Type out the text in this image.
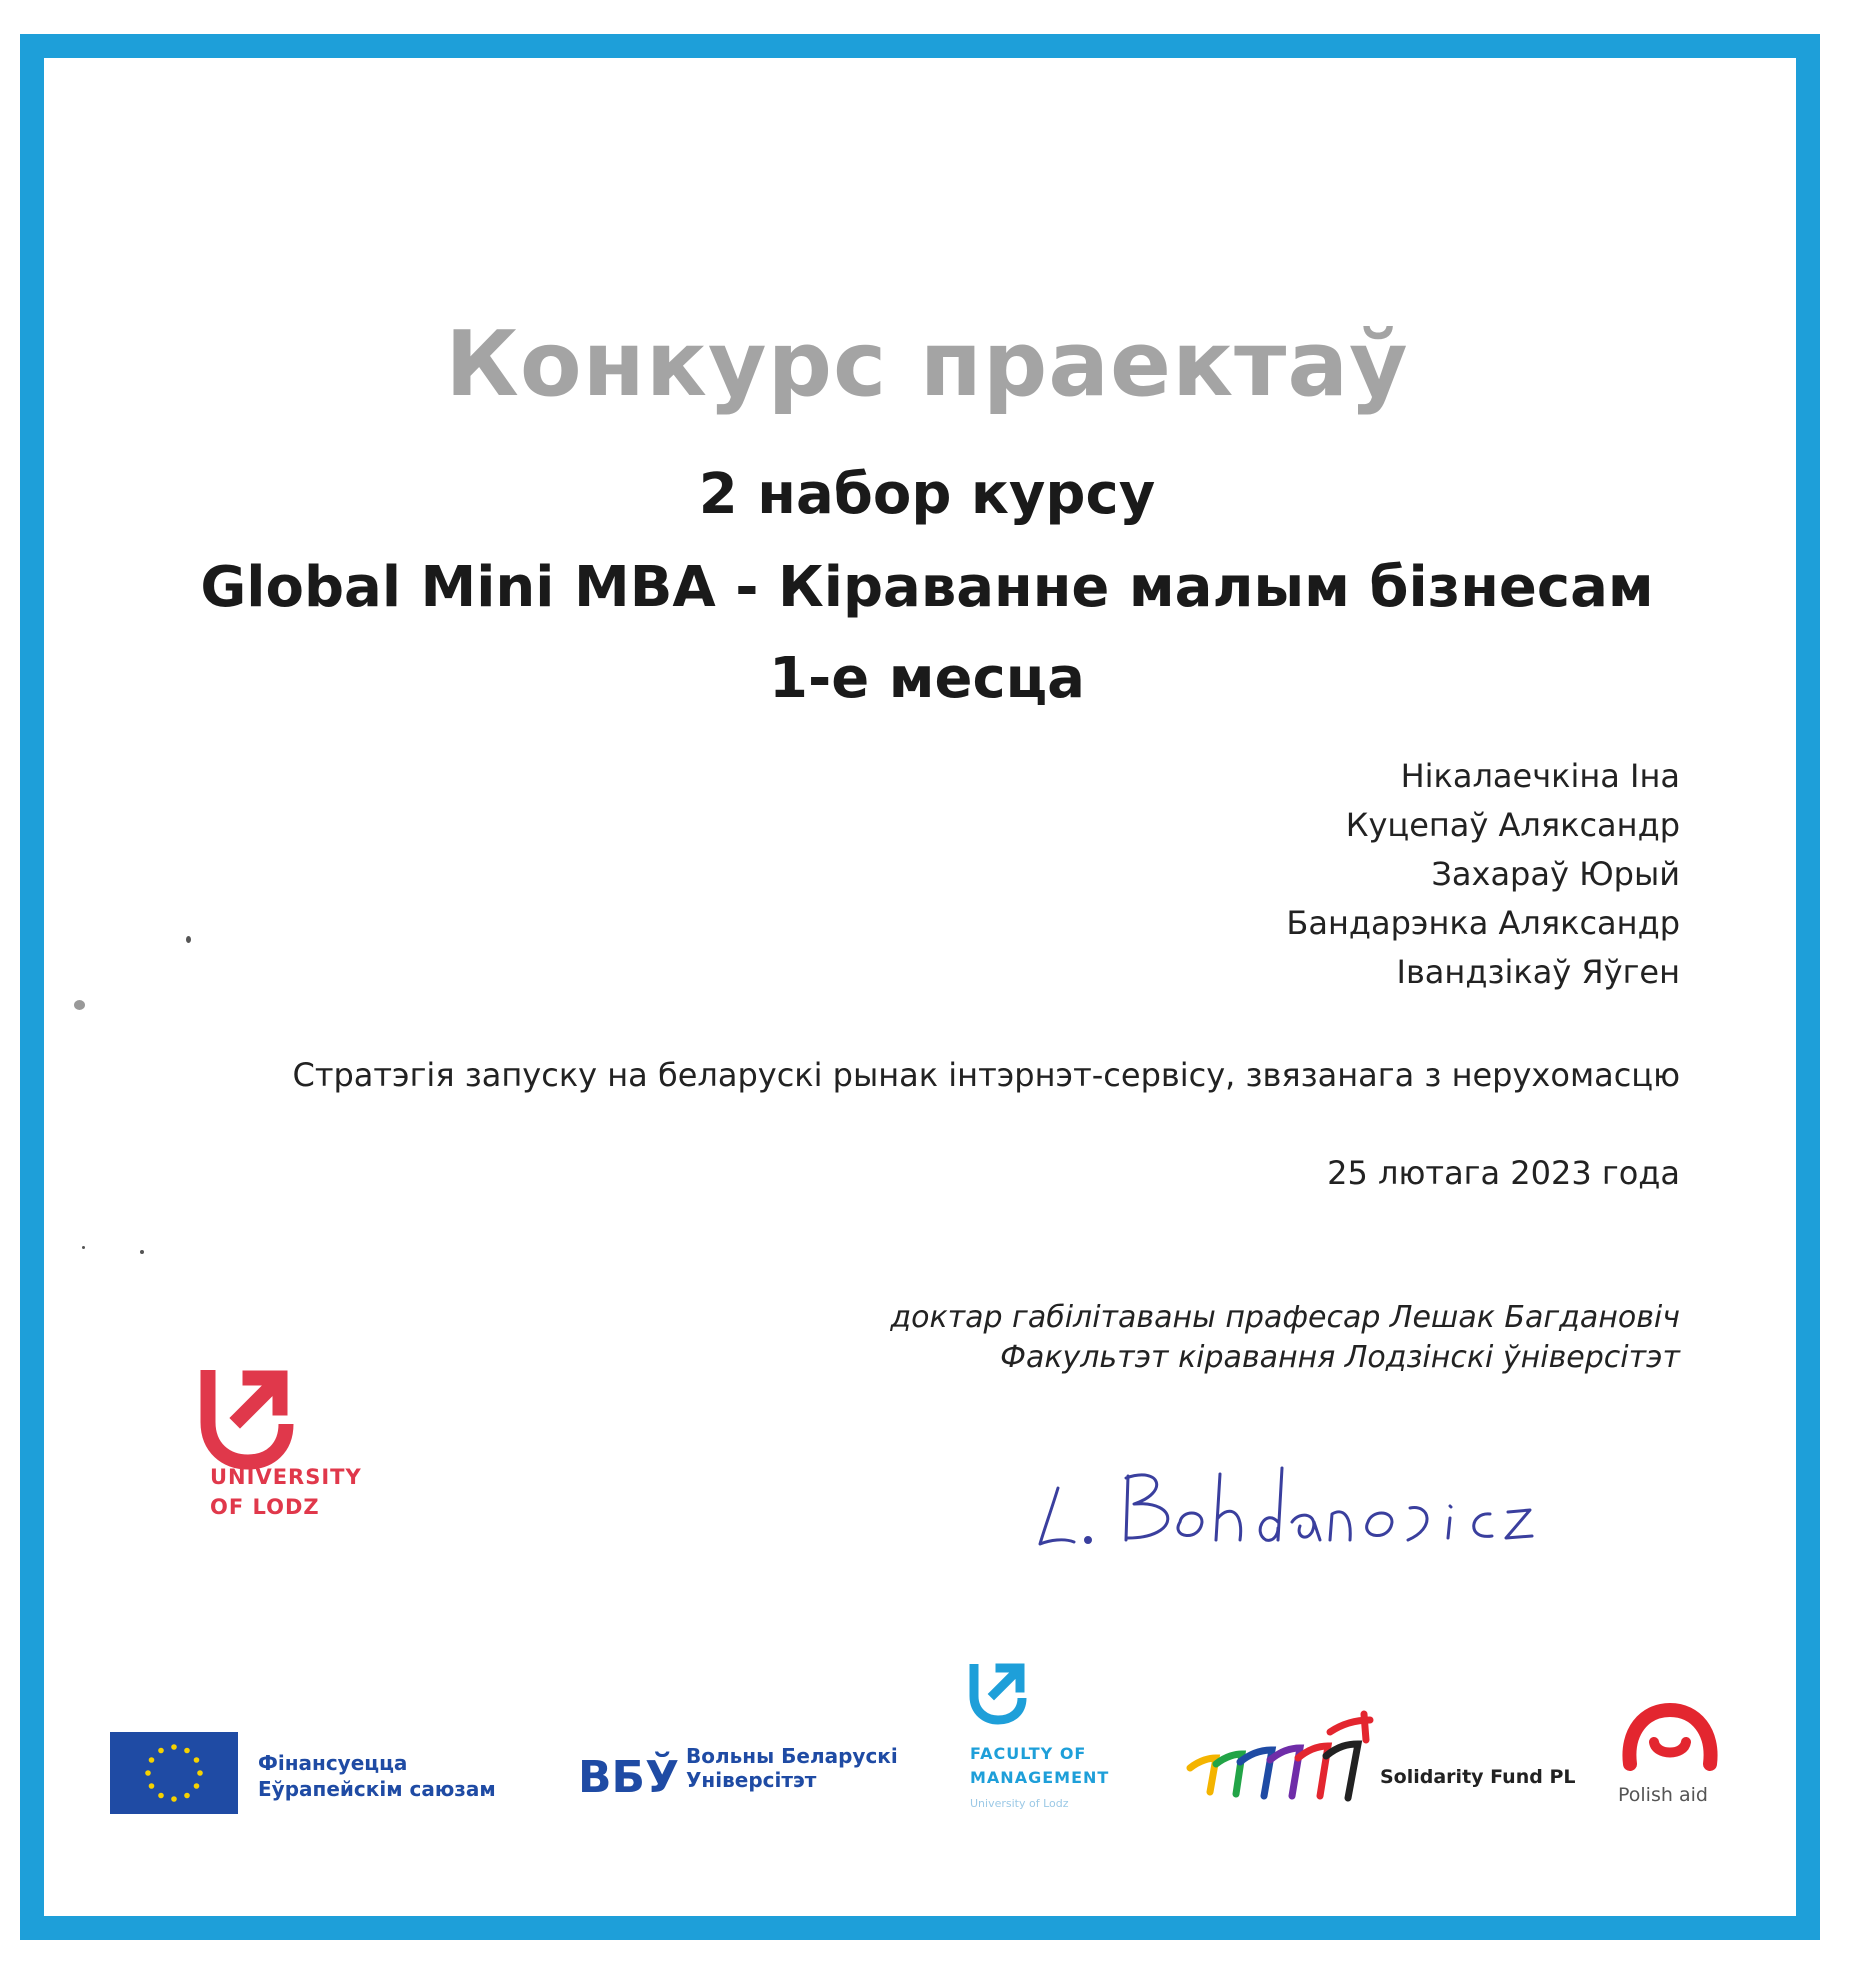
Конкурс праектаў
2 набор курсу
Global Mini MBA - Кіраванне малым бізнесам
1-е месца
Нікалаечкіна Іна
Куцепаў Аляксандр
Захараў Юрый
Бандарэнка Аляксандр
Івандзікаў Яўген
Стратэгія запуску на беларускі рынак інтэрнэт-сервісу, звязанага з нерухомасцю
25 лютага 2023 года
доктар габілітаваны прафесар Лешак Багдановіч
Факультэт кіравання Лодзінскі ўніверсітэт
UNIVERSITY
OF LODZ
Фінансуецца
Еўрапейскім саюзам ВБЎ Вольны Беларускі
Універсітэт
FACULTY OF
MANAGEMENT
University of Lodz
Solidarity Fund PL
Polish aid
